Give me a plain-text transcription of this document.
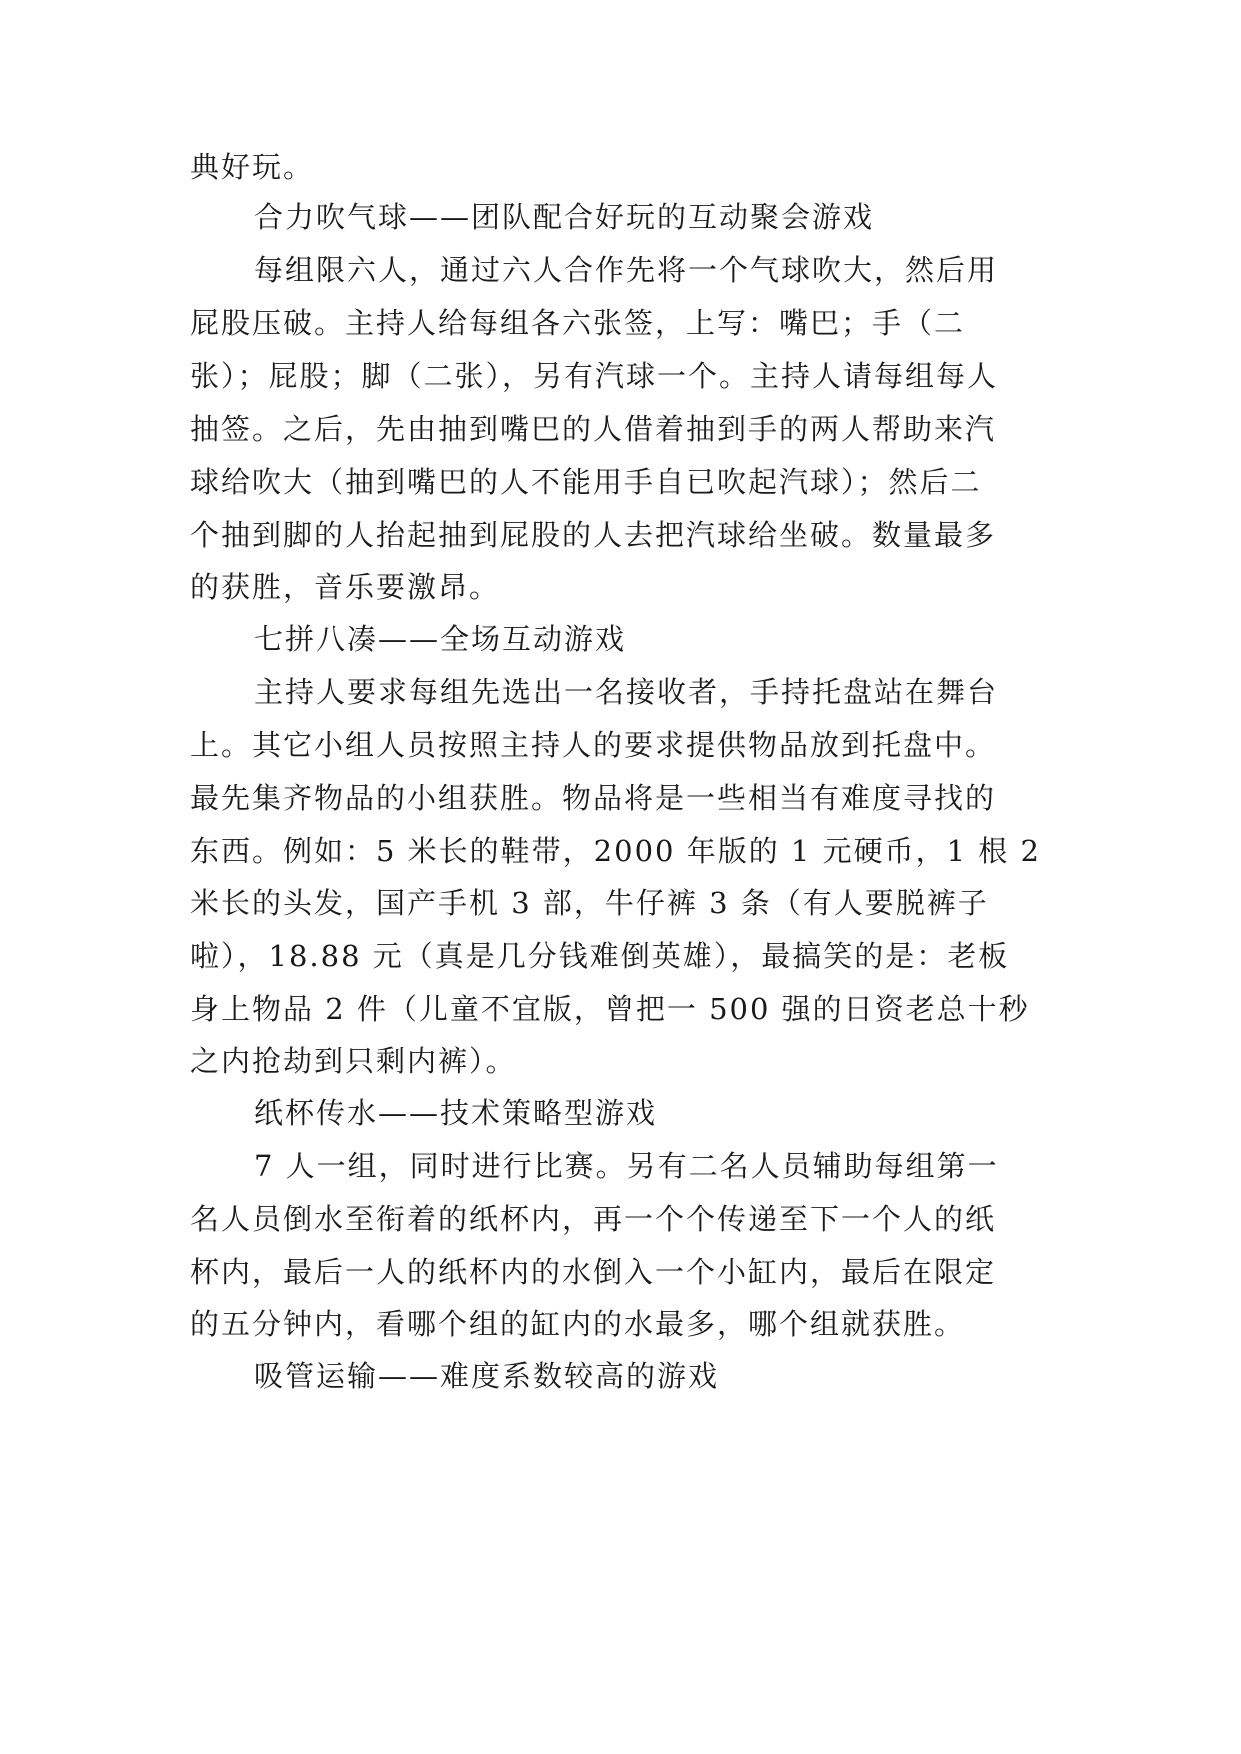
典好玩。
合力吹气球——团队配合好玩的互动聚会游戏
每组限六人，通过六人合作先将一个气球吹大，然后用
屁股压破。主持人给每组各六张签，上写：嘴巴；手（二
张）；屁股；脚（二张），另有汽球一个。主持人请每组每人
抽签。之后，先由抽到嘴巴的人借着抽到手的两人帮助来汽
球给吹大（抽到嘴巴的人不能用手自已吹起汽球）；然后二
个抽到脚的人抬起抽到屁股的人去把汽球给坐破。数量最多
的获胜，音乐要激昂。
七拼八凑——全场互动游戏
主持人要求每组先选出一名接收者，手持托盘站在舞台
上。其它小组人员按照主持人的要求提供物品放到托盘中。
最先集齐物品的小组获胜。物品将是一些相当有难度寻找的
东西。例如：5 米长的鞋带，2000 年版的 1 元硬币，1 根 2
米长的头发，国产手机 3 部，牛仔裤 3 条（有人要脱裤子
啦），18.88 元（真是几分钱难倒英雄），最搞笑的是：老板
身上物品 2 件（儿童不宜版，曾把一 500 强的日资老总十秒
之内抢劫到只剩内裤）。
纸杯传水——技术策略型游戏
7 人一组，同时进行比赛。另有二名人员辅助每组第一
名人员倒水至衔着的纸杯内，再一个个传递至下一个人的纸
杯内，最后一人的纸杯内的水倒入一个小缸内，最后在限定
的五分钟内，看哪个组的缸内的水最多，哪个组就获胜。
吸管运输——难度系数较高的游戏
